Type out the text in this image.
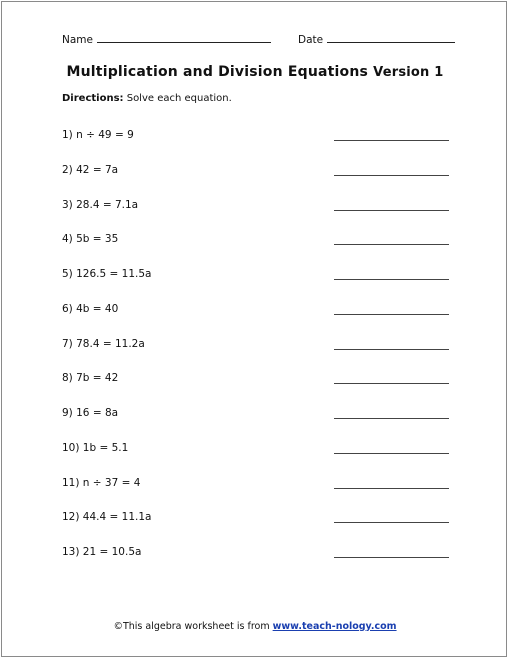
Name	Date
Multiplication and Division Equations Version 1
Directions: Solve each equation.
1) n ÷ 49 = 9
2) 42 = 7a
3) 28.4 = 7.1a
4) 5b = 35
5) 126.5 = 11.5a
6) 4b = 40
7) 78.4 = 11.2a
8) 7b = 42
9) 16 = 8a
10) 1b = 5.1
11) n ÷ 37 = 4
12) 44.4 = 11.1a
13) 21 = 10.5a
©This algebra worksheet is from www.teach-nology.com
